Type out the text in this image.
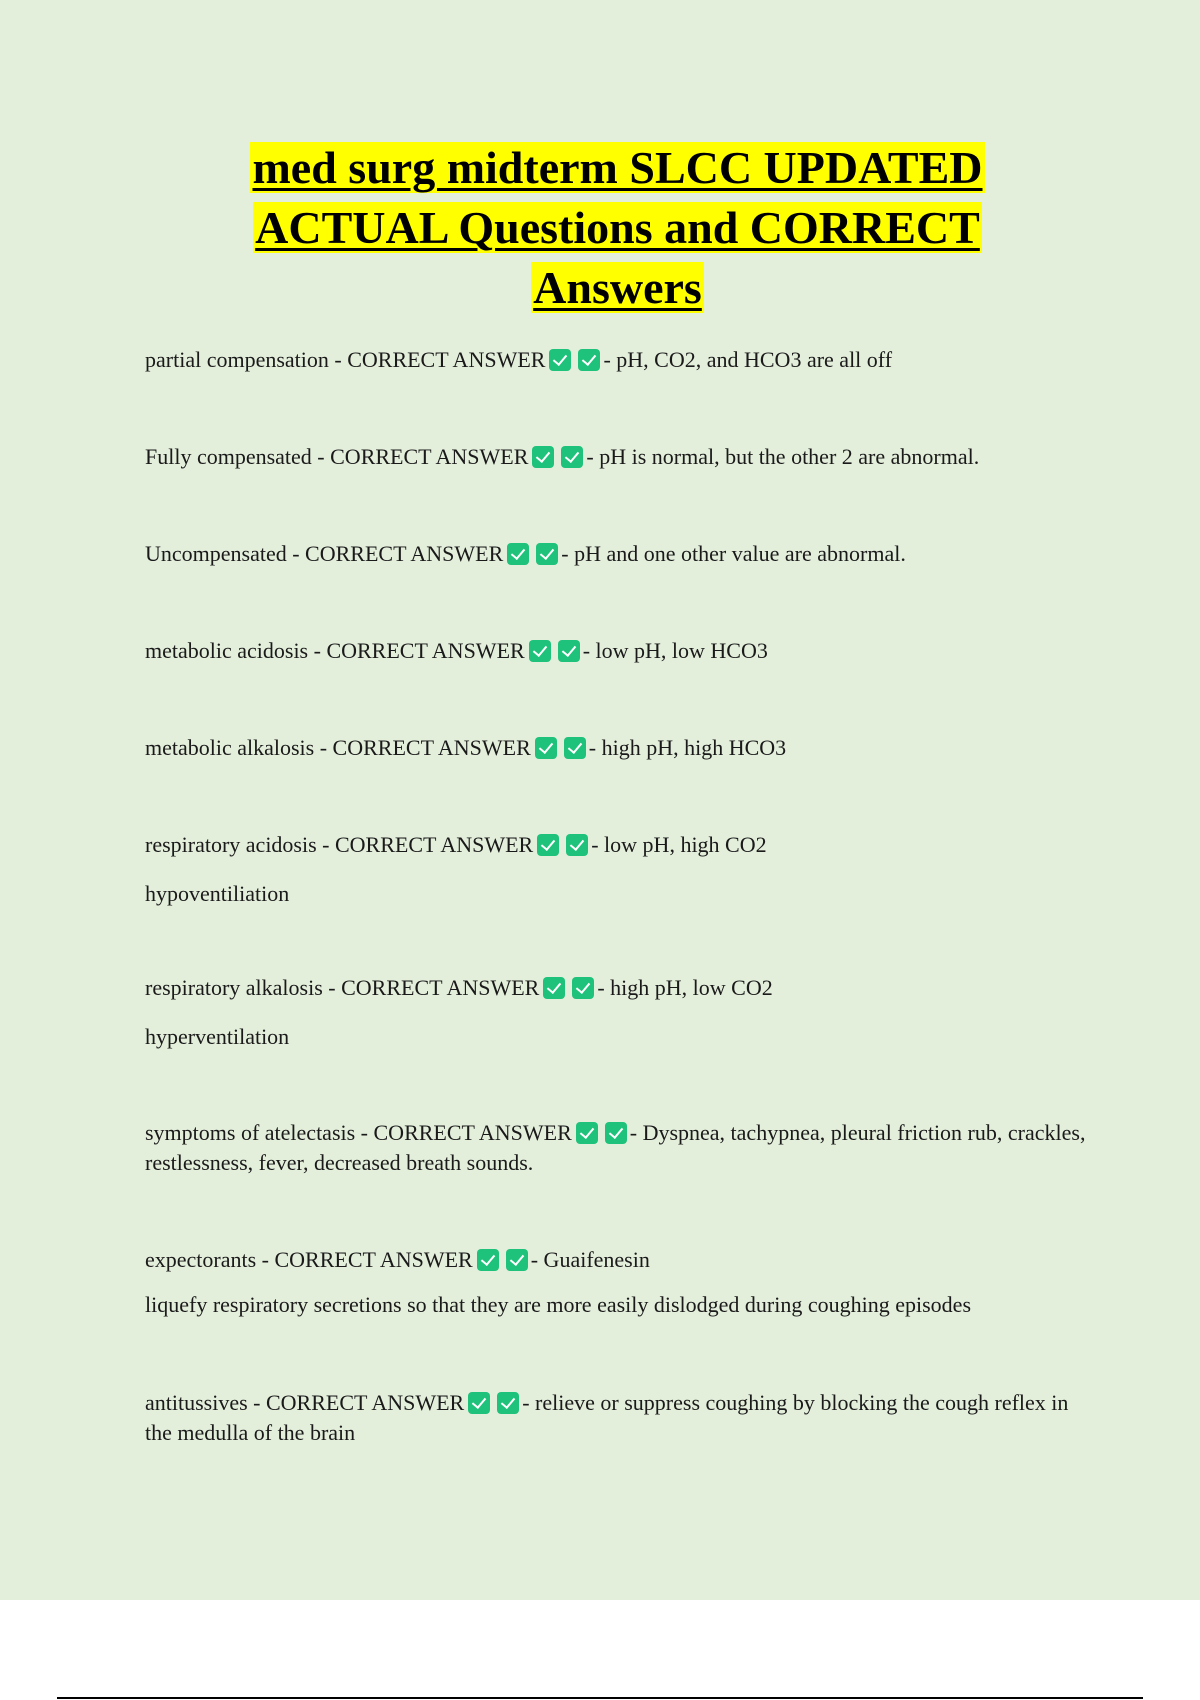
med surg midterm SLCC UPDATED
ACTUAL Questions and CORRECT
Answers
partial compensation - CORRECT ANSWER	- pH, CO2, and HCO3 are all off
Fully compensated - CORRECT ANSWER	- pH is normal, but the other 2 are abnormal.
Uncompensated - CORRECT ANSWER	- pH and one other value are abnormal.
metabolic acidosis - CORRECT ANSWER	- low pH, low HCO3
metabolic alkalosis - CORRECT ANSWER	- high pH, high HCO3
respiratory acidosis - CORRECT ANSWER	- low pH, high CO2
hypoventiliation
respiratory alkalosis - CORRECT ANSWER	- high pH, low CO2
hyperventilation
symptoms of atelectasis - CORRECT ANSWER	- Dyspnea, tachypnea, pleural friction rub, crackles, restlessness, fever, decreased breath sounds.
expectorants - CORRECT ANSWER	- Guaifenesin
liquefy respiratory secretions so that they are more easily dislodged during coughing episodes
antitussives - CORRECT ANSWER	- relieve or suppress coughing by blocking the cough reflex in the medulla of the brain
